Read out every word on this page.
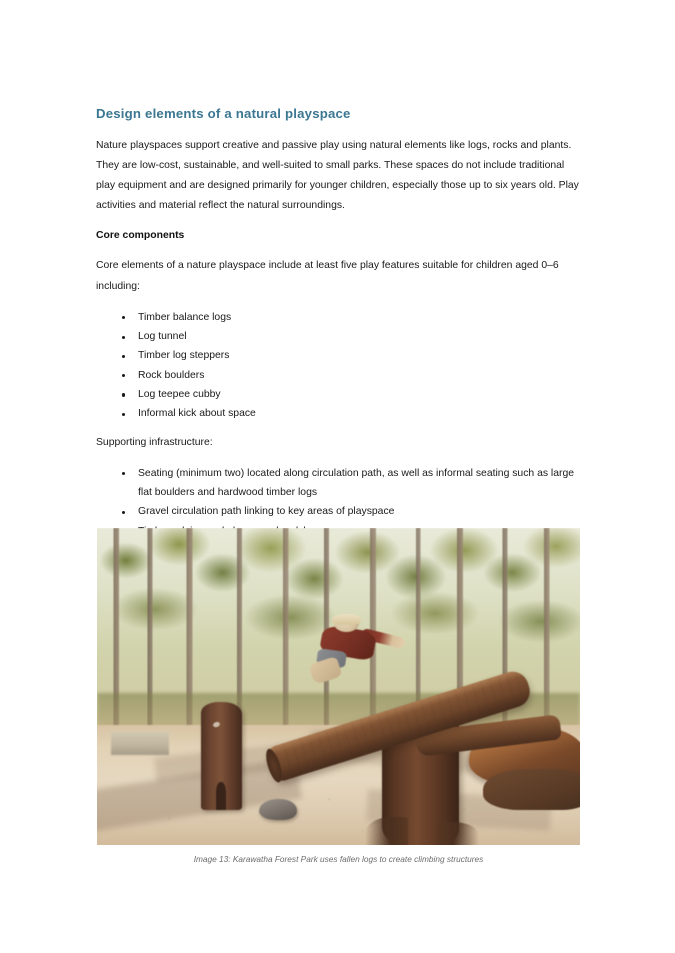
Design elements of a natural playspace

Nature playspaces support creative and passive play using natural elements like logs, rocks and plants. They are low-cost, sustainable, and well-suited to small parks. These spaces do not include traditional play equipment and are designed primarily for younger children, especially those up to six years old. Play activities and material reflect the natural surroundings.

Core components

Core elements of a nature playspace include at least five play features suitable for children aged 0–6 including:

Timber balance logs
Log tunnel
Timber log steppers
Rock boulders
Log teepee cubby
Informal kick about space

Supporting infrastructure:

Seating (minimum two) located along circulation path, as well as informal seating such as large flat boulders and hardwood timber logs
Gravel circulation path linking to key areas of playspace
Image 13: Karawatha Forest Park uses fallen logs to create climbing structures
